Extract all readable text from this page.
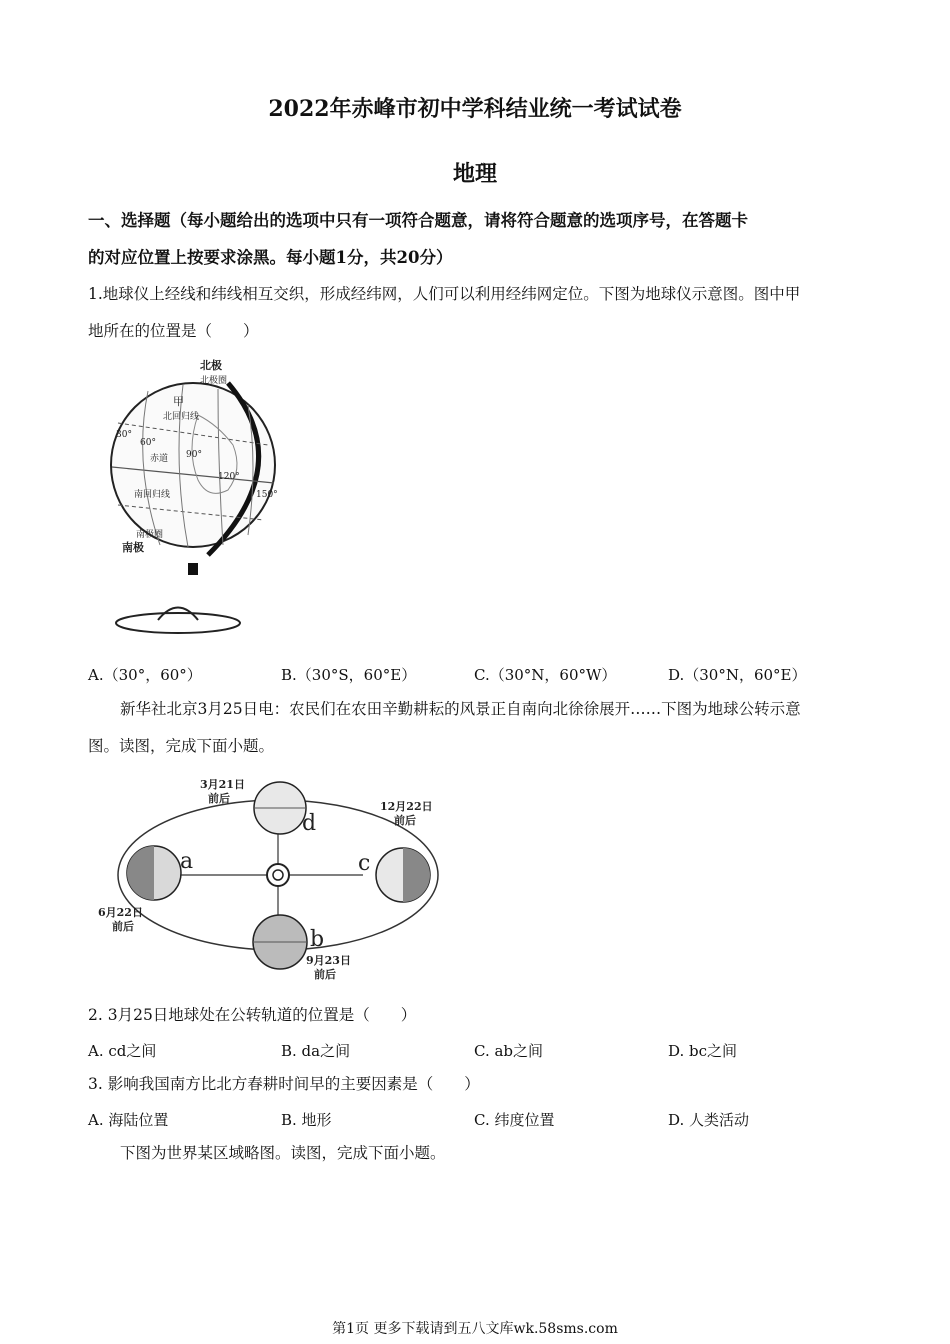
2022年赤峰市初中学科结业统一考试试卷
地理
一、选择题（每小题给出的选项中只有一项符合题意，请将符合题意的选项序号，在答题卡
的对应位置上按要求涂黑。每小题1分，共20分）
1.地球仪上经线和纬线相互交织，形成经纬网，人们可以利用经纬网定位。下图为地球仪示意图。图中甲
地所在的位置是（　　）
北极
北极圈
甲
北回归线
30°
60°
赤道 90°
120°
150°
南回归线
南极圈
南极
A.（30°，60°）	B.（30°S，60°E）	C.（30°N，60°W）	D.（30°N，60°E）
新华社北京3月25日电：农民们在农田辛勤耕耘的风景正自南向北徐徐展开……下图为地球公转示意
图。读图，完成下面小题。
3月21日
前后
d
12月22日
前后
c
a
6月22日
前后
b
9月23日
前后
2. 3月25日地球处在公转轨道的位置是（　　）
A. cd之间	B. da之间	C. ab之间	D. bc之间
3. 影响我国南方比北方春耕时间早的主要因素是（　　）
A. 海陆位置	B. 地形	C. 纬度位置	D. 人类活动
下图为世界某区域略图。读图，完成下面小题。
第1页 更多下载请到五八文库wk.58sms.com
